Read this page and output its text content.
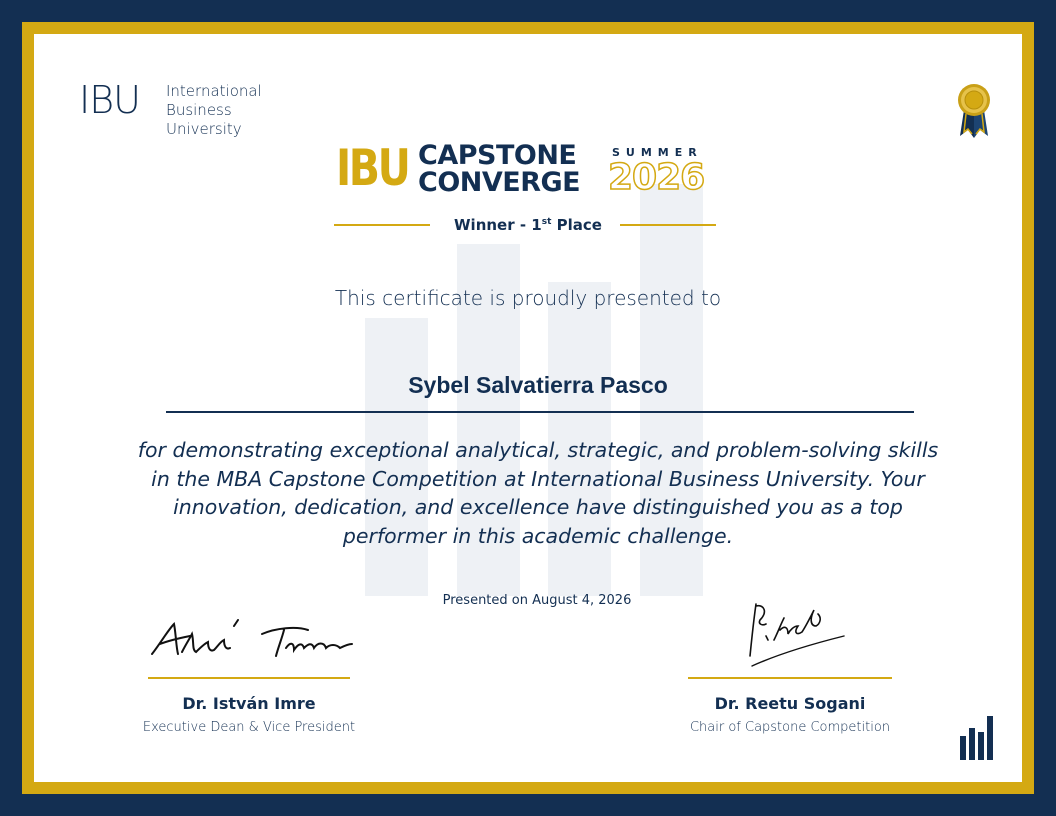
IBU International
Business
University
IBU CAPSTONE
CONVERGE
SUMMER
2026
Winner - 1st Place
This certificate is proudly presented to
Sybel Salvatierra Pasco
for demonstrating exceptional analytical, strategic, and problem-solving skills in the MBA Capstone Competition at International Business University. Your innovation, dedication, and excellence have distinguished you as a top performer in this academic challenge.
Presented on August 4, 2026
Dr. István Imre
Executive Dean & Vice President
Dr. Reetu Sogani
Chair of Capstone Competition
